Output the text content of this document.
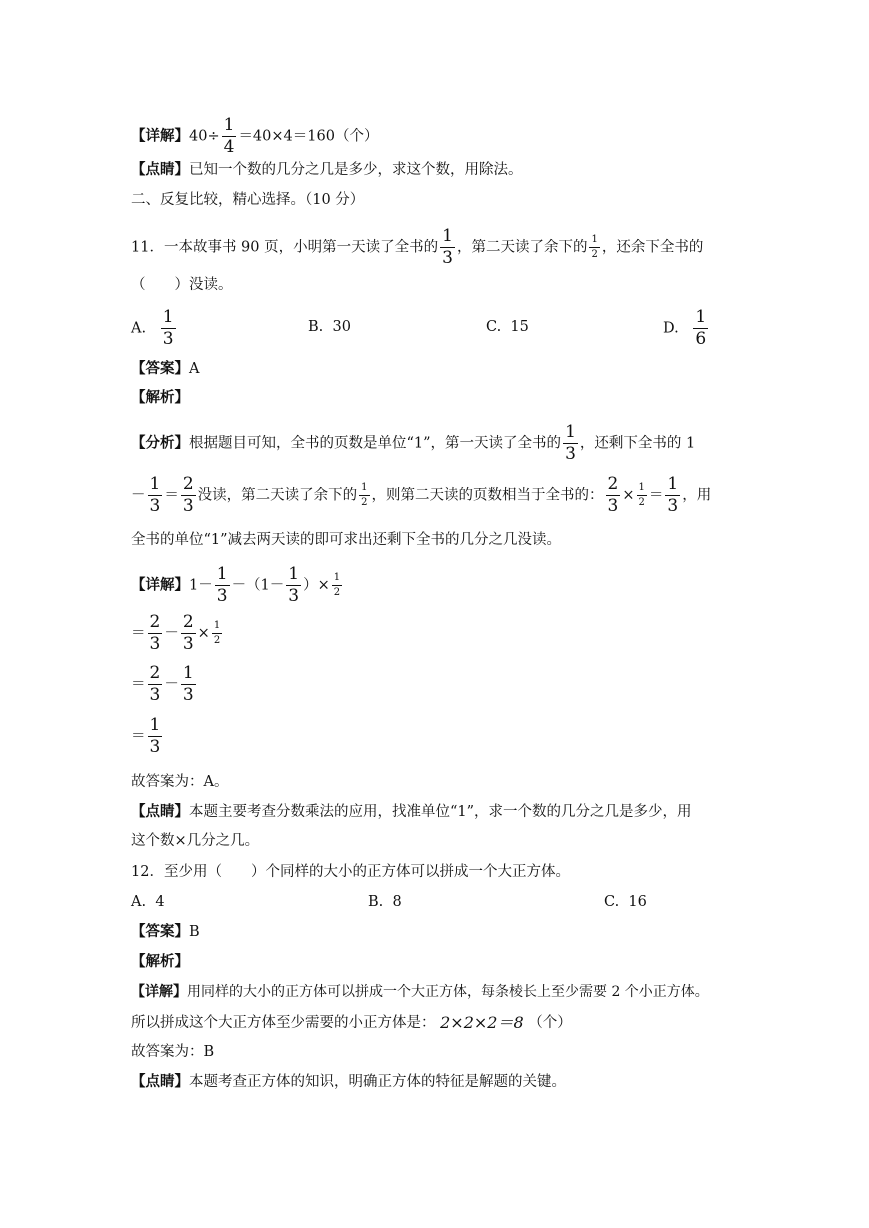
【详解】$40\div \frac{1}{4} =40\times 4=160$（个）
【点睛】已知一个数的几分之几是多少，求这个数，用除法。
二、反复比较，精心选择。（10 分）
11．一本故事书 90 页，小明第一天读了全书的 $\frac{1}{3}$ ，第二天读了余下的 $\frac{1}{2}$ ，还余下全书的
（　　）没读。
A. $\frac{1}{3}$	B. 30	C. 15	D. $\frac{1}{6}$
【答案】A
【解析】
【分析】根据题目可知，全书的页数是单位“1”，第一天读了全书的 $\frac{1}{3}$ ，还剩下全书的 1
－ $\frac{1}{3} = \frac{2}{3}$ 没读，第二天读了余下的 $\frac{1}{2}$ ，则第二天读的页数相当于全书的： $\frac{2}{3} \times \frac{1}{2} = \frac{1}{3}$ ，用
全书的单位“1”减去两天读的即可求出还剩下全书的几分之几没读。
【详解】$1- \frac{1}{3} -(1- \frac{1}{3}$ ）× $\frac{1}{2}$
＝ $\frac{2}{3} - \frac{2}{3} \times \frac{1}{2}$
＝ $\frac{2}{3} - \frac{1}{3}$
＝ $\frac{1}{3}$
故答案为：A。
【点睛】本题主要考查分数乘法的应用，找准单位“1”，求一个数的几分之几是多少，用
这个数×几分之几。
12．至少用（　　）个同样的大小的正方体可以拼成一个大正方体。
A. 4	B. 8	C. 16
【答案】B
【解析】
【详解】用同样的大小的正方体可以拼成一个大正方体，每条棱长上至少需要 2 个小正方体。
所以拼成这个大正方体至少需要的小正方体是： 2×2×2＝8 （个）
故答案为：B
【点睛】本题考查正方体的知识，明确正方体的特征是解题的关键。
